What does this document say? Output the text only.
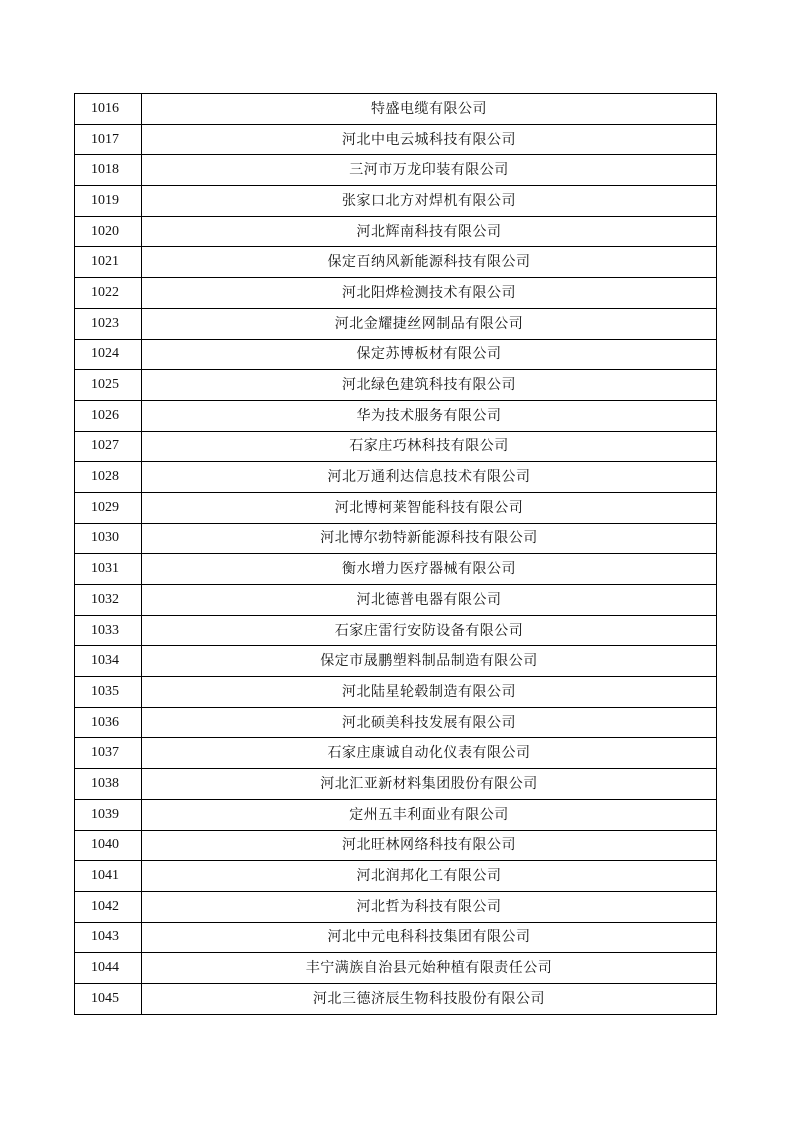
1016	特盛电缆有限公司
1017	河北中电云城科技有限公司
1018	三河市万龙印装有限公司
1019	张家口北方对焊机有限公司
1020	河北辉南科技有限公司
1021	保定百纳风新能源科技有限公司
1022	河北阳烨检测技术有限公司
1023	河北金耀捷丝网制品有限公司
1024	保定苏博板材有限公司
1025	河北绿色建筑科技有限公司
1026	华为技术服务有限公司
1027	石家庄巧林科技有限公司
1028	河北万通利达信息技术有限公司
1029	河北博柯莱智能科技有限公司
1030	河北博尔勃特新能源科技有限公司
1031	衡水增力医疗器械有限公司
1032	河北德普电器有限公司
1033	石家庄雷行安防设备有限公司
1034	保定市晟鹏塑料制品制造有限公司
1035	河北陆星轮毂制造有限公司
1036	河北硕美科技发展有限公司
1037	石家庄康诚自动化仪表有限公司
1038	河北汇亚新材料集团股份有限公司
1039	定州五丰利面业有限公司
1040	河北旺林网络科技有限公司
1041	河北润邦化工有限公司
1042	河北哲为科技有限公司
1043	河北中元电科科技集团有限公司
1044	丰宁满族自治县元始种植有限责任公司
1045	河北三德济辰生物科技股份有限公司
